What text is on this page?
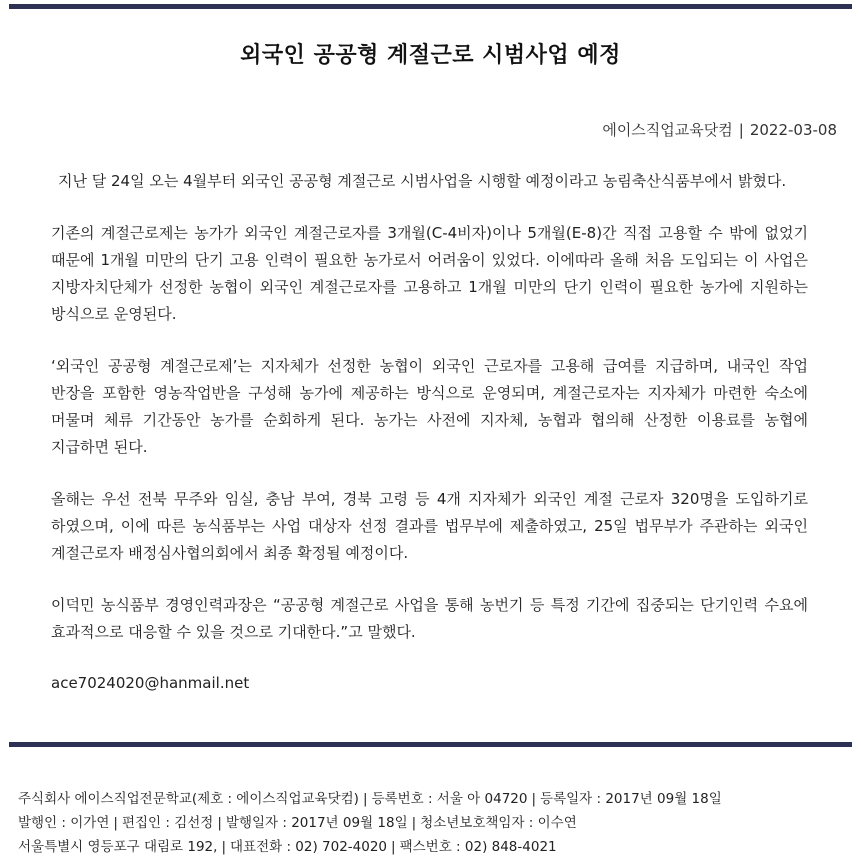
외국인 공공형 계절근로 시범사업 예정
에이스직업교육닷컴 | 2022-03-08

지난 달 24일 오는 4월부터 외국인 공공형 계절근로 시범사업을 시행할 예정이라고 농림축산식품부에서 밝혔다.

기존의 계절근로제는 농가가 외국인 계절근로자를 3개월(C-4비자)이나 5개월(E-8)간 직접 고용할 수 밖에 없었기 때문에 1개월 미만의 단기 고용 인력이 필요한 농가로서 어려움이 있었다. 이에따라 올해 처음 도입되는 이 사업은 지방자치단체가 선정한 농협이 외국인 계절근로자를 고용하고 1개월 미만의 단기 인력이 필요한 농가에 지원하는 방식으로 운영된다.

‘외국인 공공형 계절근로제’는 지자체가 선정한 농협이 외국인 근로자를 고용해 급여를 지급하며, 내국인 작업 반장을 포함한 영농작업반을 구성해 농가에 제공하는 방식으로 운영되며, 계절근로자는 지자체가 마련한 숙소에 머물며 체류 기간동안 농가를 순회하게 된다. 농가는 사전에 지자체, 농협과 협의해 산정한 이용료를 농협에 지급하면 된다.

올해는 우선 전북 무주와 임실, 충남 부여, 경북 고령 등 4개 지자체가 외국인 계절 근로자 320명을 도입하기로 하였으며, 이에 따른 농식품부는 사업 대상자 선정 결과를 법무부에 제출하였고, 25일 법무부가 주관하는 외국인 계절근로자 배정심사협의회에서 최종 확정될 예정이다.

이덕민 농식품부 경영인력과장은 “공공형 계절근로 사업을 통해 농번기 등 특정 기간에 집중되는 단기인력 수요에 효과적으로 대응할 수 있을 것으로 기대한다.”고 말했다.

ace7024020@hanmail.net
주식회사 에이스직업전문학교(제호 : 에이스직업교육닷컴) | 등록번호 : 서울 아 04720 | 등록일자 : 2017년 09월 18일
발행인 : 이가연 | 편집인 : 김선정 | 발행일자 : 2017년 09월 18일 | 청소년보호책임자 : 이수연
서울특별시 영등포구 대림로 192, | 대표전화 : 02) 702-4020 | 팩스번호 : 02) 848-4021
